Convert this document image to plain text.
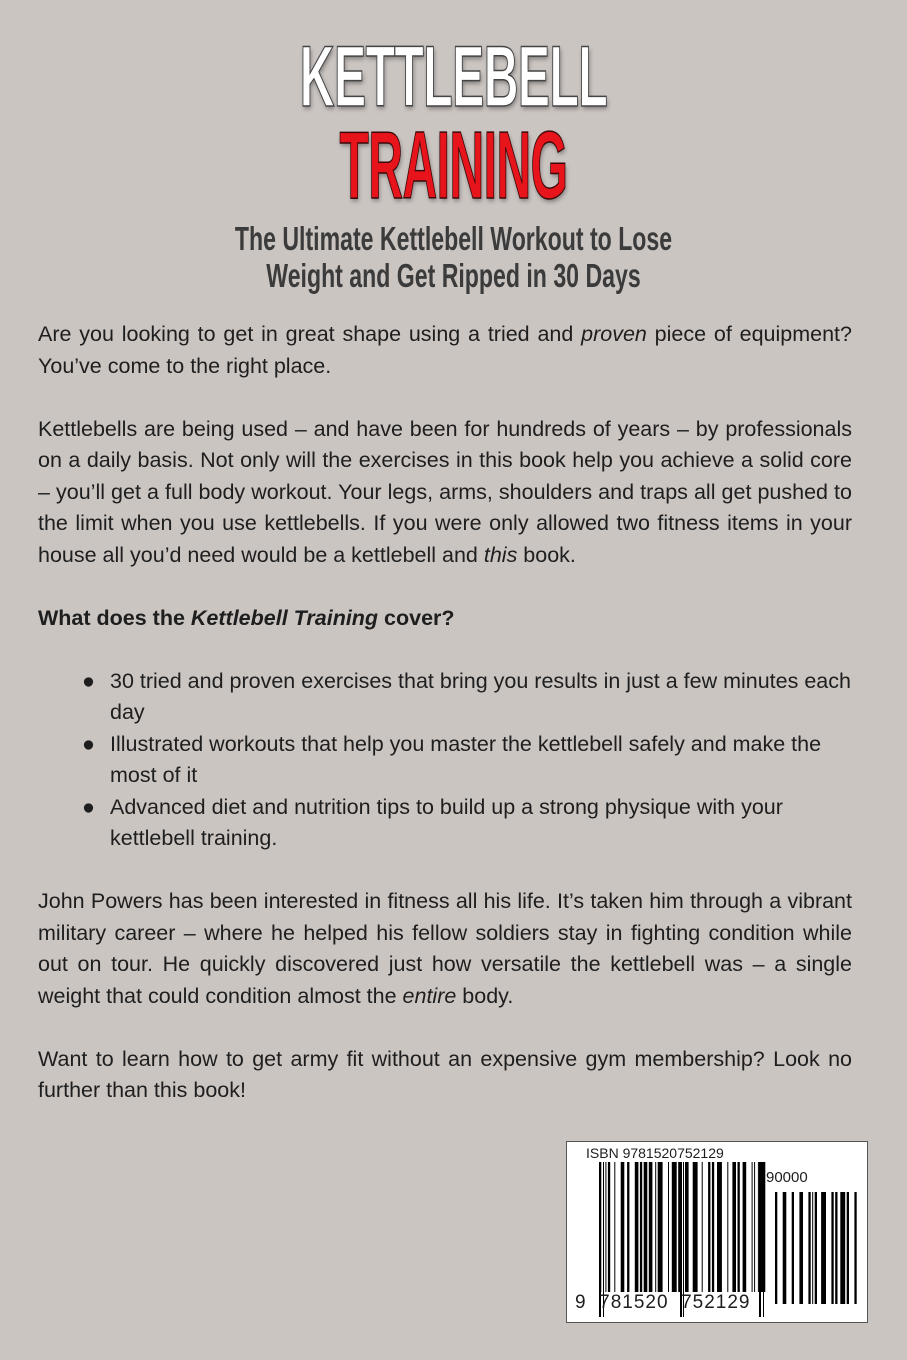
KETTLEBELL
TRAINING
The Ultimate Kettlebell Workout to Lose
Weight and Get Ripped in 30 Days

Are you looking to get in great shape using a tried and proven piece of equipment? You’ve come to the right place.

Kettlebells are being used – and have been for hundreds of years – by professionals on a daily basis. Not only will the exercises in this book help you achieve a solid core – you’ll get a full body workout. Your legs, arms, shoulders and traps all get pushed to the limit when you use kettlebells. If you were only allowed two fitness items in your house all you’d need would be a kettlebell and this book.

What does the Kettlebell Training cover?

● 30 tried and proven exercises that bring you results in just a few minutes each day
● Illustrated workouts that help you master the kettlebell safely and make the most of it
● Advanced diet and nutrition tips to build up a strong physique with your kettlebell training.

John Powers has been interested in fitness all his life. It’s taken him through a vibrant military career – where he helped his fellow soldiers stay in fighting condition while out on tour. He quickly discovered just how versatile the kettlebell was – a single weight that could condition almost the entire body.

Want to learn how to get army fit without an expensive gym membership? Look no further than this book!

ISBN 9781520752129
90000
9  781520  752129
